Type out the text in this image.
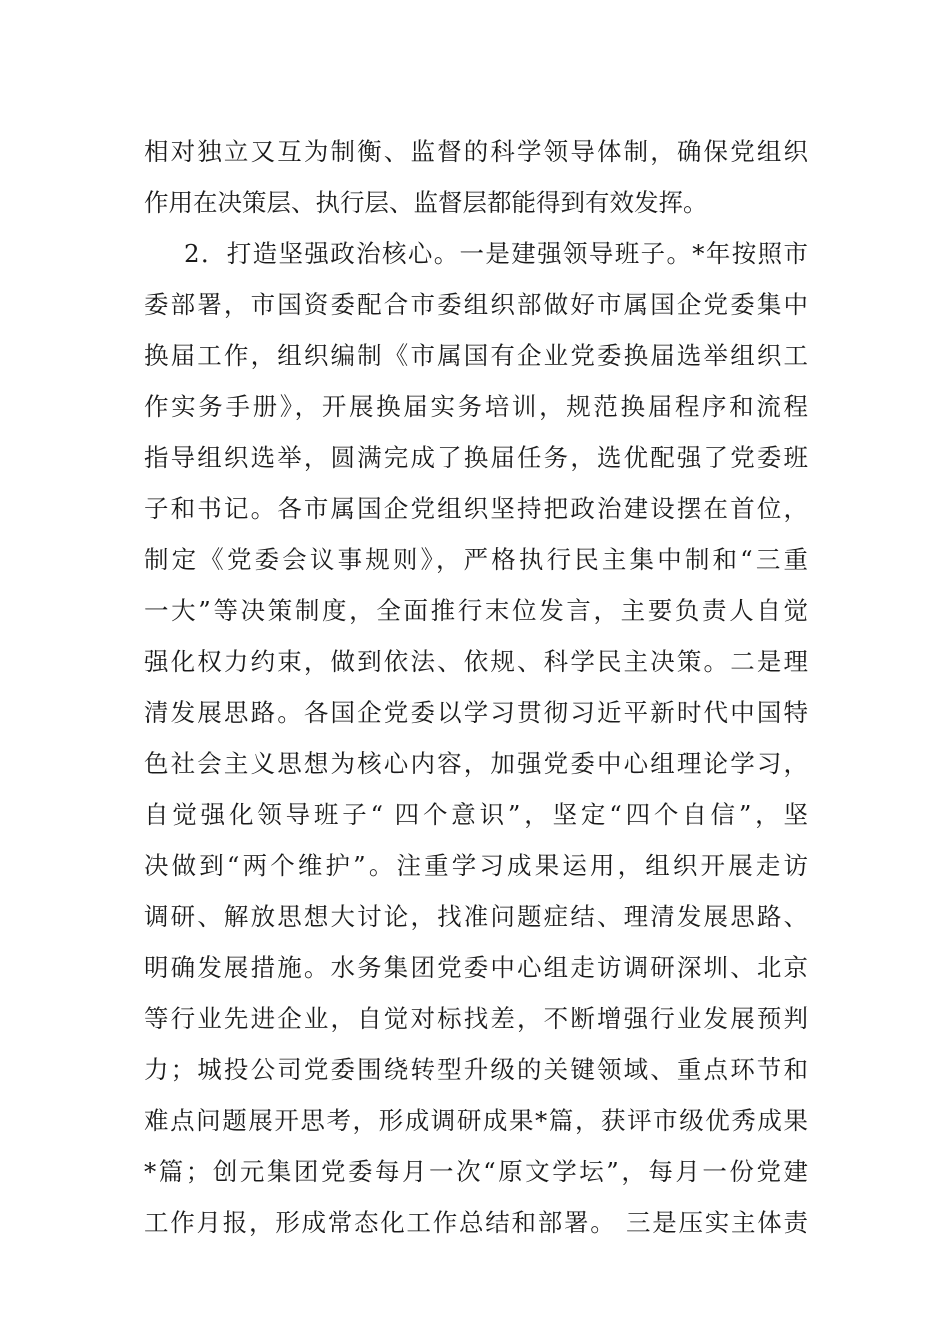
相对独立又互为制衡、监督的科学领导体制，确保党组织
作用在决策层、执行层、监督层都能得到有效发挥。
2．打造坚强政治核心。一是建强领导班子。*年按照市
委部署，市国资委配合市委组织部做好市属国企党委集中
换届工作，组织编制《市属国有企业党委换届选举组织工
作实务手册》，开展换届实务培训，规范换届程序和流程
指导组织选举，圆满完成了换届任务，选优配强了党委班
子和书记。各市属国企党组织坚持把政治建设摆在首位，
制定《党委会议事规则》，严格执行民主集中制和“三重
一大”等决策制度，全面推行末位发言，主要负责人自觉
强化权力约束，做到依法、依规、科学民主决策。二是理
清发展思路。各国企党委以学习贯彻习近平新时代中国特
色社会主义思想为核心内容，加强党委中心组理论学习，
自觉强化领导班子“ 四个意识”，坚定“四个自信”，坚
决做到“两个维护”。注重学习成果运用，组织开展走访
调研、解放思想大讨论，找准问题症结、理清发展思路、
明确发展措施。水务集团党委中心组走访调研深圳、北京
等行业先进企业，自觉对标找差，不断增强行业发展预判
力；城投公司党委围绕转型升级的关键领域、重点环节和
难点问题展开思考，形成调研成果*篇，获评市级优秀成果
*篇；创元集团党委每月一次“原文学坛”，每月一份党建
工作月报，形成常态化工作总结和部署。 三是压实主体责
